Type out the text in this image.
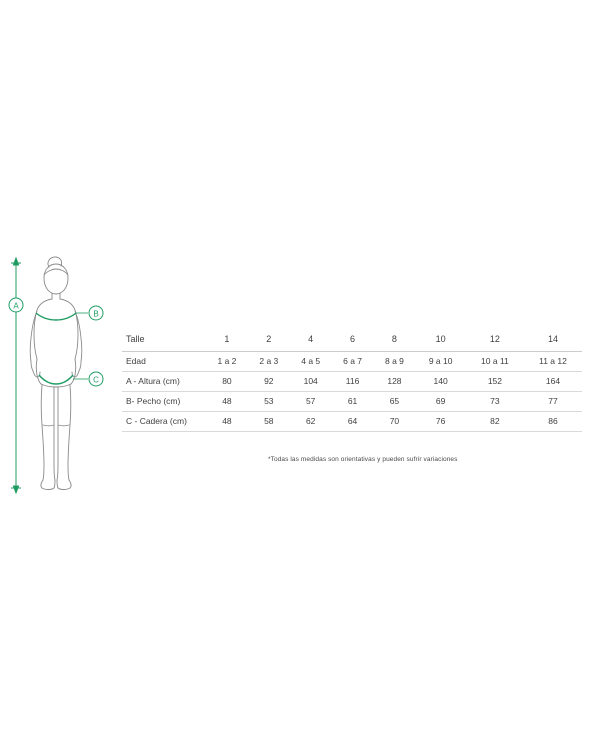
A
B
C
Talle	1	2	4	6	8	10	12	14
Edad	1 a 2	2 a 3	4 a 5	6 a 7	8 a 9	9 a 10	10 a 11	11 a 12
A - Altura (cm)	80	92	104	116	128	140	152	164
B- Pecho (cm)	48	53	57	61	65	69	73	77
C - Cadera (cm)	48	58	62	64	70	76	82	86
*Todas las medidas son orientativas y pueden sufrir variaciones
